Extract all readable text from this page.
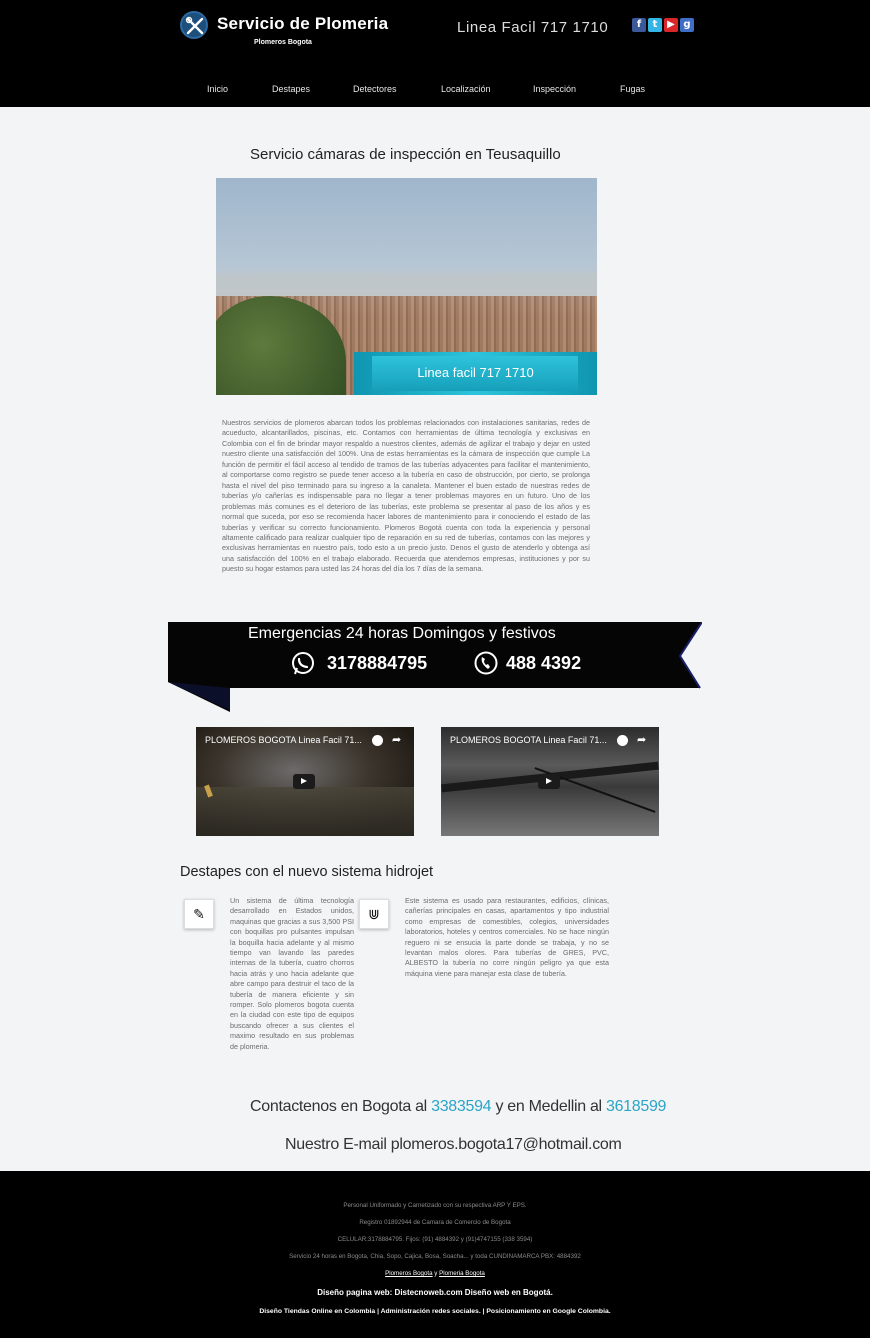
Servicio de Plomeria
Plomeros Bogota
Linea Facil 717 1710	f	t ▶ g
Inicio	Destapes	Detectores	Localización	Inspección	Fugas
Servicio cámaras de inspección en Teusaquillo
Linea facil 717 1710

Nuestros servicios de plomeros abarcan todos los problemas relacionados con instalaciones sanitarias, redes de acueducto, alcantarillados, piscinas, etc. Contamos con herramientas de última tecnología y exclusivas en Colombia con el fin de brindar mayor respaldo a nuestros clientes, además de agilizar el trabajo y dejar en usted nuestro cliente una satisfacción del 100%. Una de estas herramientas es la cámara de inspección que cumple La función de permitir el fácil acceso al tendido de tramos de las tuberías adyacentes para facilitar el mantenimiento, al comportarse como registro se puede tener acceso a la tubería en caso de obstrucción, por cierto, se prolonga hasta el nivel del piso terminado para su ingreso a la canaleta. Mantener el buen estado de nuestras redes de tuberías y/o cañerías es indispensable para no llegar a tener problemas mayores en un futuro. Uno de los problemas más comunes es el deterioro de las tuberías, este problema se presentar al paso de los años y es normal que suceda, por eso se recomienda hacer labores de mantenimiento para ir conociendo el estado de las tuberías y verificar su correcto funcionamiento. Plomeros Bogotá cuenta con toda la experiencia y personal altamente calificado para realizar cualquier tipo de reparación en su red de tuberías, contamos con las mejores y exclusivas herramientas en nuestro país, todo esto a un precio justo. Denos el gusto de atenderlo y obtenga así una satisfacción del 100% en el trabajo elaborado. Recuerda que atendemos empresas, instituciones y por su puesto su hogar estamos para usted las 24 horas del día los 7 días de la semana.

Emergencias 24 horas Domingos y festivos
3178884795	488 4392
PLOMEROS BOGOTA Linea Facil 71...	➦	PLOMEROS BOGOTA Linea Facil 71...	➦
Destapes con el nuevo sistema hidrojet
✎

Un sistema de última tecnología desarrollado en Estados unidos, maquinas que gracias a sus 3,500 PSI con boquillas pro pulsantes impulsan la boquilla hacia adelante y al mismo tiempo van lavando las paredes internas de la tubería, cuatro chorros hacia atrás y uno hacia adelante que abre campo para destruir el taco de la tubería de manera eficiente y sin romper. Solo plomeros bogota cuenta en la ciudad con este tipo de equipos buscando ofrecer a sus clientes el maximo resultado en sus problemas de plomeria.

⋓

Este sistema es usado para restaurantes, edificios, clínicas, cañerías principales en casas, apartamentos y tipo industrial como empresas de comestibles, colegios, universidades laboratorios, hoteles y centros comerciales. No se hace ningún reguero ni se ensucia la parte donde se trabaja, y no se levantan malos olores. Para tuberías de GRES, PVC, ALBESTO la tubería no corre ningún peligro ya que esta máquina viene para manejar esta clase de tubería.

Contactenos en Bogota al 3383594 y en Medellin al 3618599
Nuestro E-mail plomeros.bogota17@hotmail.com
Personal Uniformado y Carnetizado con su respectiva ARP Y EPS.
Registro 01892944 de Camara de Comercio de Bogota
CELULAR:3178884795. Fijos: (91) 4884392 y (91)4747155 (338 3594)
Servicio 24 horas en Bogota, Chia, Sopo, Cajica, Bosa, Soacha... y toda CUNDINAMARCA PBX: 4884392
Plomeros Bogota y Plomeria Bogota
Diseño pagina web: Distecnoweb.com Diseño web en Bogotá.
Diseño Tiendas Online en Colombia | Administración redes sociales. | Posicionamiento en Google Colombia.
